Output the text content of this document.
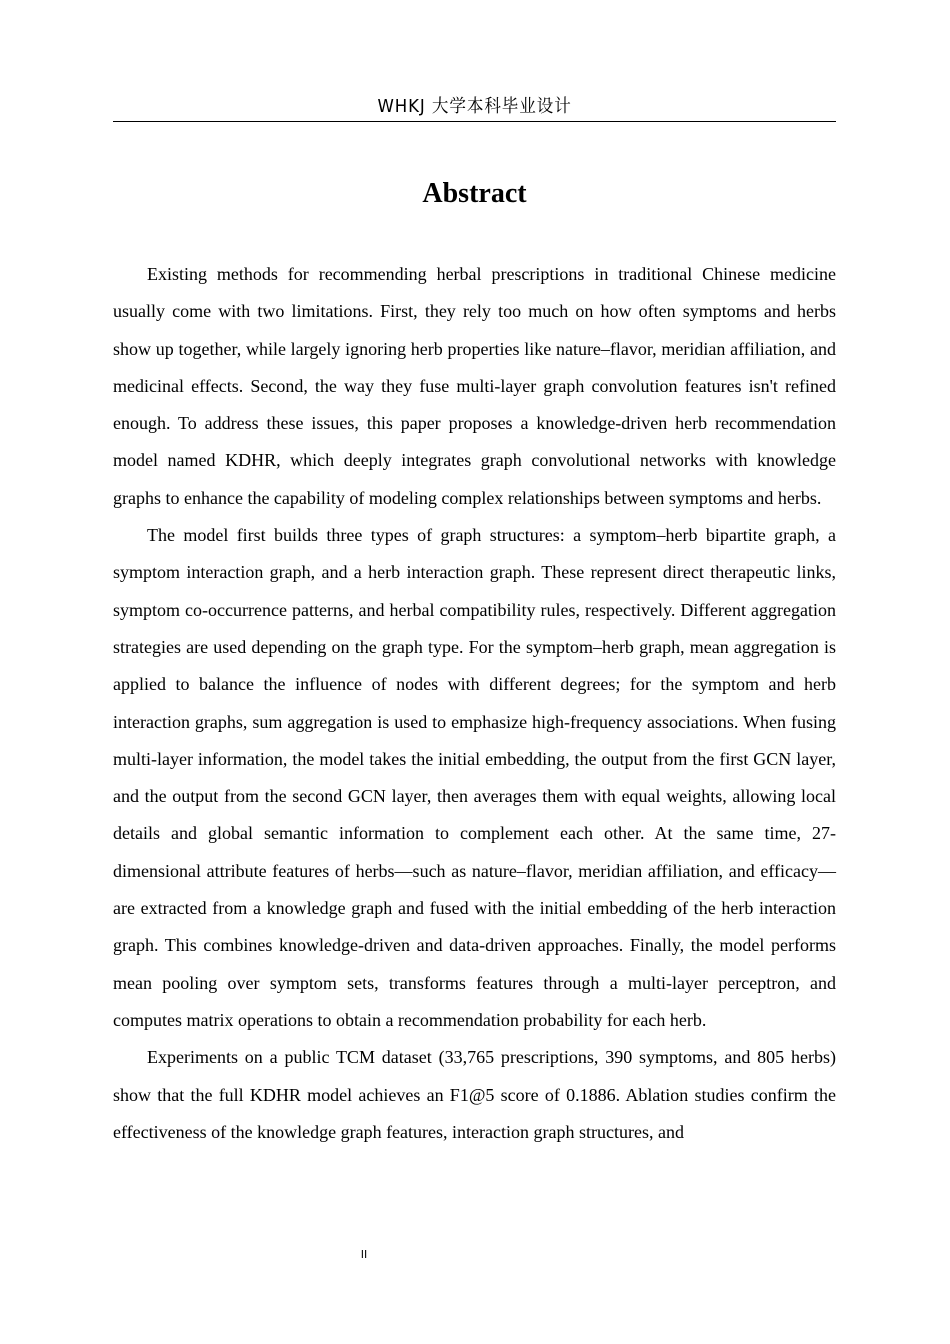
WHKJ 大学本科毕业设计
Abstract

Existing methods for recommending herbal prescriptions in traditional Chinese medicine usually come with two limitations. First, they rely too much on how often symptoms and herbs show up together, while largely ignoring herb properties like nature–flavor, meridian affiliation, and medicinal effects. Second, the way they fuse multi-layer graph convolution features isn't refined enough. To address these issues, this paper proposes a knowledge-driven herb recommendation model named KDHR, which deeply integrates graph convolutional networks with knowledge graphs to enhance the capability of modeling complex relationships between symptoms and herbs.

The model first builds three types of graph structures: a symptom–herb bipartite graph, a symptom interaction graph, and a herb interaction graph. These represent direct therapeutic links, symptom co-occurrence patterns, and herbal compatibility rules, respectively. Different aggregation strategies are used depending on the graph type. For the symptom–herb graph, mean aggregation is applied to balance the influence of nodes with different degrees; for the symptom and herb interaction graphs, sum aggregation is used to emphasize high-frequency associations. When fusing multi-layer information, the model takes the initial embedding, the output from the first GCN layer, and the output from the second GCN layer, then averages them with equal weights, allowing local details and global semantic information to complement each other. At the same time, 27-dimensional attribute features of herbs—such as nature–flavor, meridian affiliation, and efficacy—are extracted from a knowledge graph and fused with the initial embedding of the herb interaction graph. This combines knowledge-driven and data-driven approaches. Finally, the model performs mean pooling over symptom sets, transforms features through a multi-layer perceptron, and computes matrix operations to obtain a recommendation probability for each herb.

Experiments on a public TCM dataset (33,765 prescriptions, 390 symptoms, and 805 herbs) show that the full KDHR model achieves an F1@5 score of 0.1886. Ablation studies confirm the effectiveness of the knowledge graph features, interaction graph structures, and

II
